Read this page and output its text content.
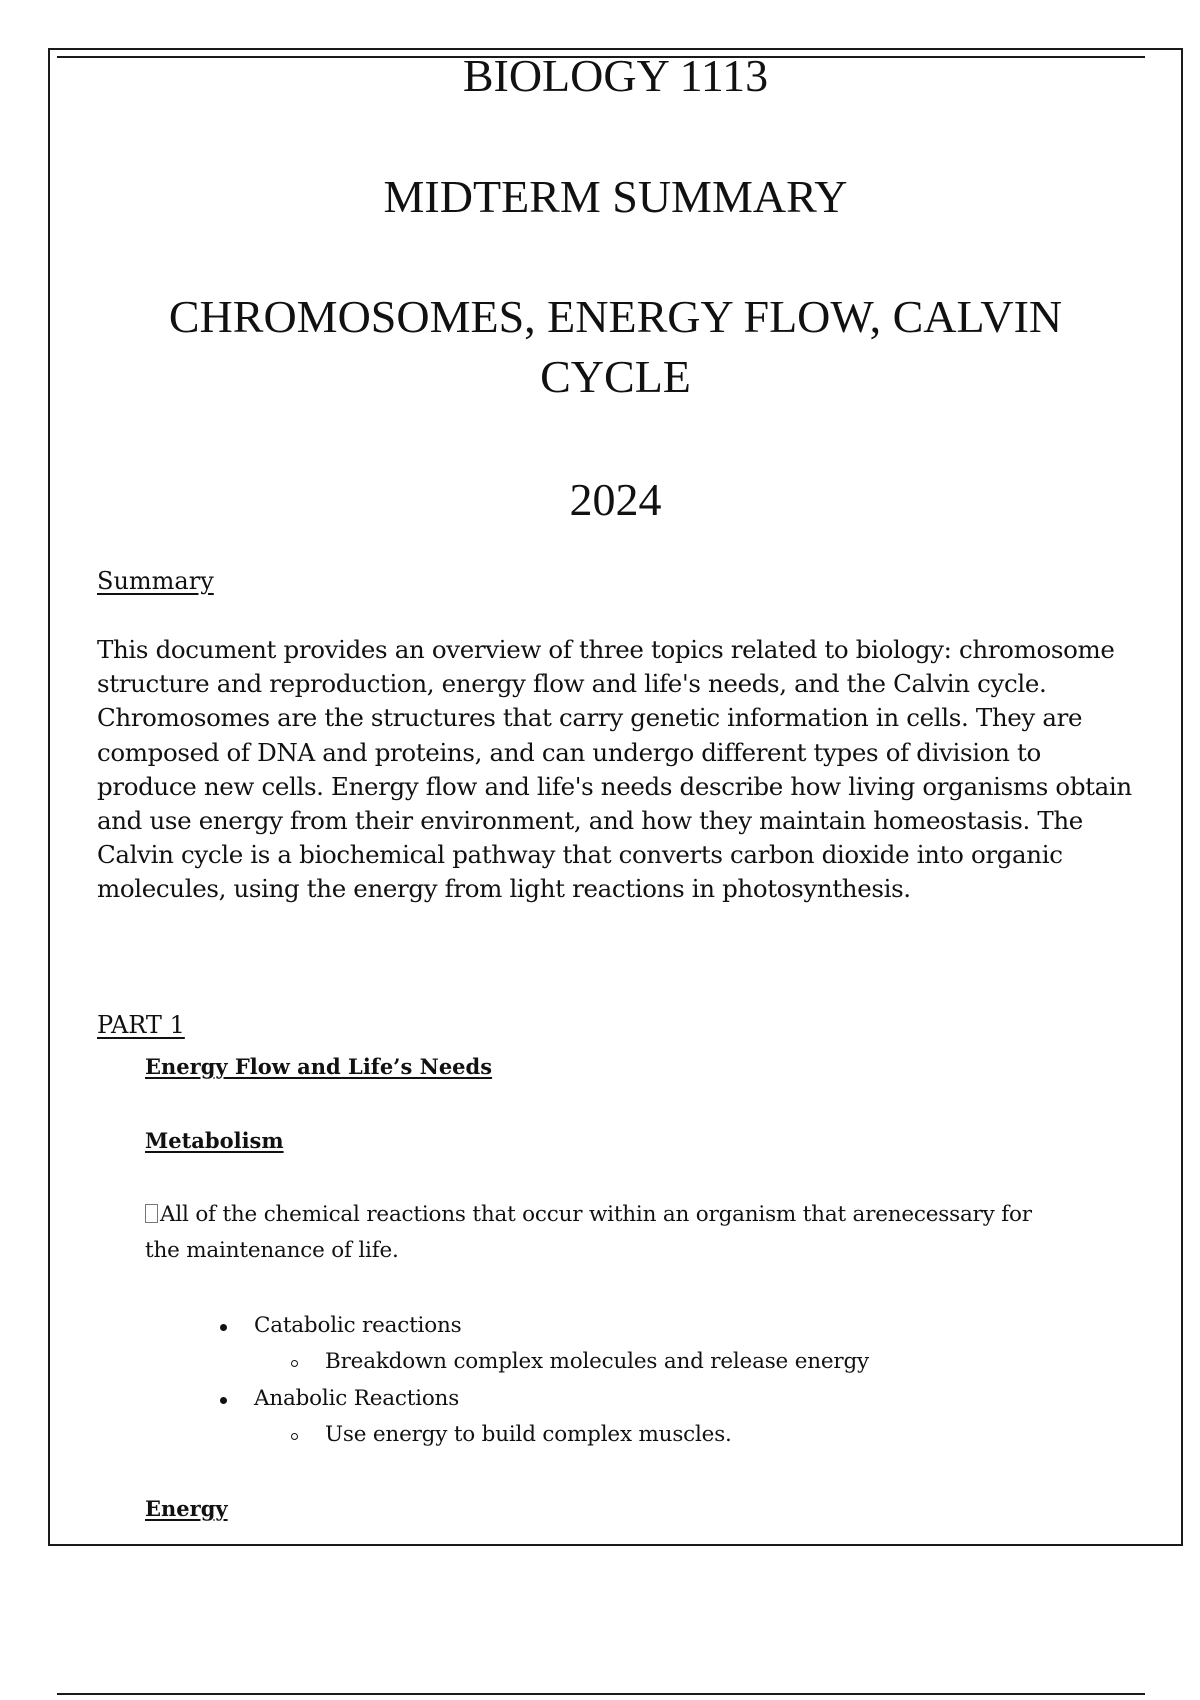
BIOLOGY 1113
MIDTERM SUMMARY
CHROMOSOMES, ENERGY FLOW, CALVIN
CYCLE
2024

Summary

This document provides an overview of three topics related to biology: chromosome structure and reproduction, energy flow and life's needs, and the Calvin cycle. Chromosomes are the structures that carry genetic information in cells. They are composed of DNA and proteins, and can undergo different types of division to produce new cells. Energy flow and life's needs describe how living organisms obtain and use energy from their environment, and how they maintain homeostasis. The Calvin cycle is a biochemical pathway that converts carbon dioxide into organic molecules, using the energy from light reactions in photosynthesis.

PART 1

Energy Flow and Life’s Needs

Metabolism

All of the chemical reactions that occur within an organism that arenecessary for the maintenance of life.

Catabolic reactions

Breakdown complex molecules and release energy

Anabolic Reactions

Use energy to build complex muscles.

Energy
